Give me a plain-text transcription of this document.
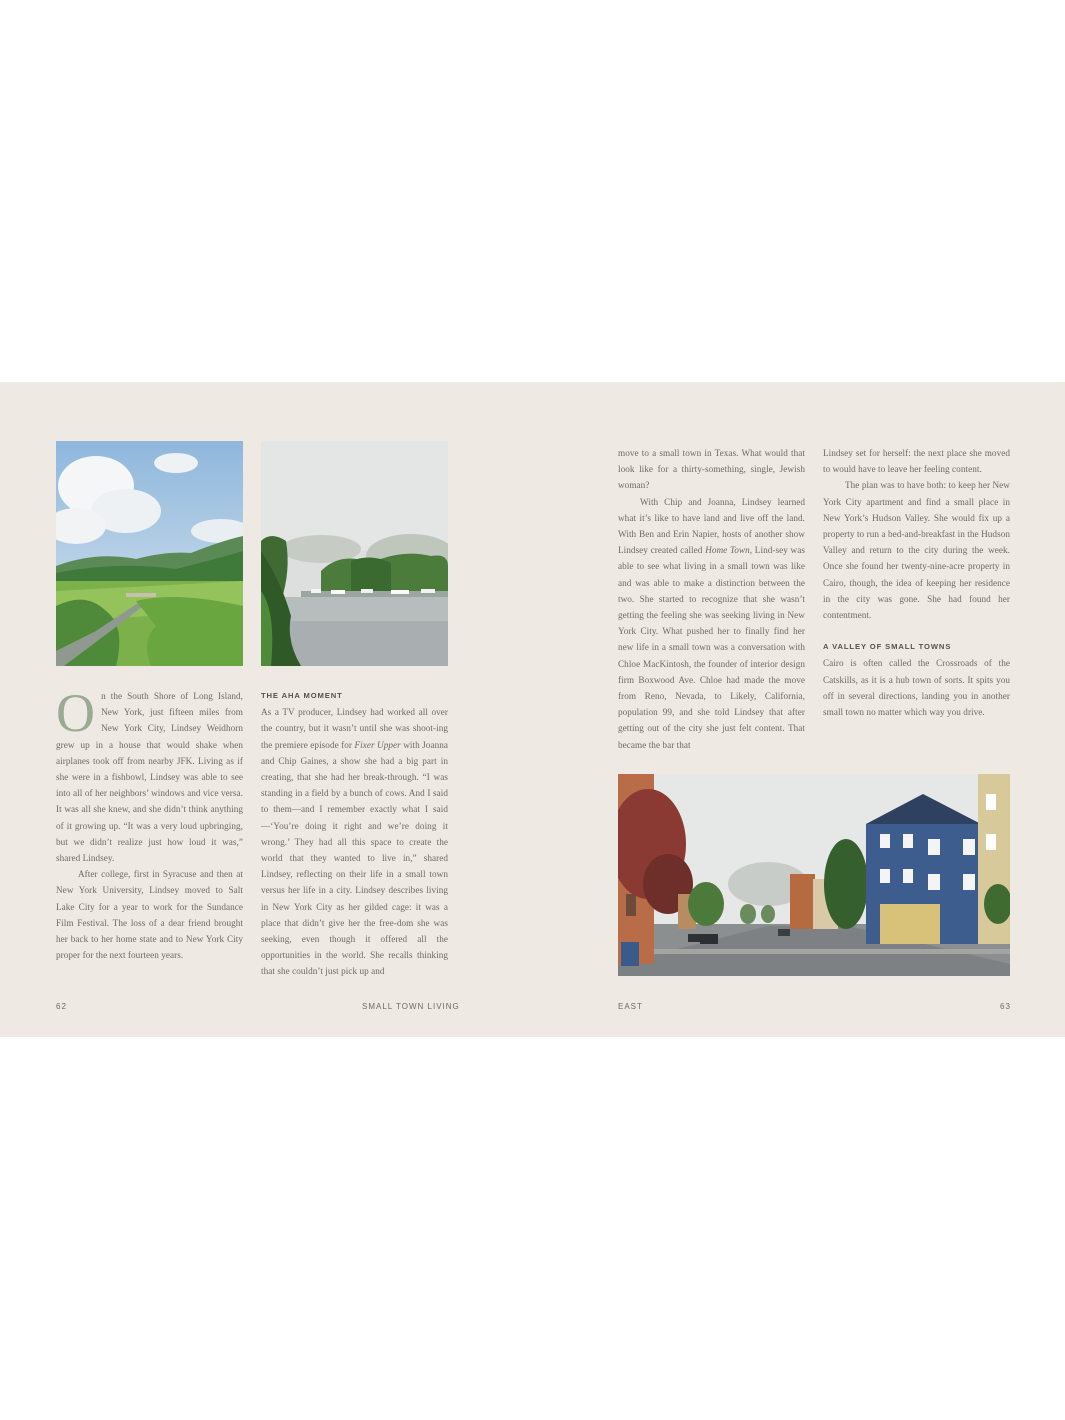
O n the South Shore of Long Island, New York, just fifteen miles from New York City, Lindsey Weidhorn grew up in a house that would shake when airplanes took off from nearby JFK. Living as if she were in a fishbowl, Lindsey was able to see into all of her neighbors’ windows and vice versa. It was all she knew, and she didn’t think anything of it growing up. “It was a very loud upbringing, but we didn’t realize just how loud it was,” shared Lindsey.

After college, first in Syracuse and then at New York University, Lindsey moved to Salt Lake City for a year to work for the Sundance Film Festival. The loss of a dear friend brought her back to her home state and to New York City proper for the next fourteen years.

THE AHA MOMENT

As a TV producer, Lindsey had worked all over the country, but it wasn’t until she was shoot-ing the premiere episode for Fixer Upper with Joanna and Chip Gaines, a show she had a big part in creating, that she had her break-through. “I was standing in a field by a bunch of cows. And I said to them—and I remember exactly what I said—‘You’re doing it right and we’re doing it wrong.’ They had all this space to create the world that they wanted to live in,” shared Lindsey, reflecting on their life in a small town versus her life in a city. Lindsey describes living in New York City as her gilded cage: it was a place that didn’t give her the free-dom she was seeking, even though it offered all the opportunities in the world. She recalls thinking that she couldn’t just pick up and

move to a small town in Texas. What would that look like for a thirty-something, single, Jewish woman?

With Chip and Joanna, Lindsey learned what it’s like to have land and live off the land. With Ben and Erin Napier, hosts of another show Lindsey created called Home Town, Lind-sey was able to see what living in a small town was like and was able to make a distinction between the two. She started to recognize that she wasn’t getting the feeling she was seeking living in New York City. What pushed her to finally find her new life in a small town was a conversation with Chloe MacKintosh, the founder of interior design firm Boxwood Ave. Chloe had made the move from Reno, Nevada, to Likely, California, population 99, and she told Lindsey that after getting out of the city she just felt content. That became the bar that

Lindsey set for herself: the next place she moved to would have to leave her feeling content.

The plan was to have both: to keep her New York City apartment and find a small place in New York’s Hudson Valley. She would fix up a property to run a bed-and-breakfast in the Hudson Valley and return to the city during the week. Once she found her twenty-nine-acre property in Cairo, though, the idea of keeping her residence in the city was gone. She had found her contentment.

A VALLEY OF SMALL TOWNS

Cairo is often called the Crossroads of the Catskills, as it is a hub town of sorts. It spits you off in several directions, landing you in another small town no matter which way you drive.

62	SMALL TOWN LIVING	EAST	63
